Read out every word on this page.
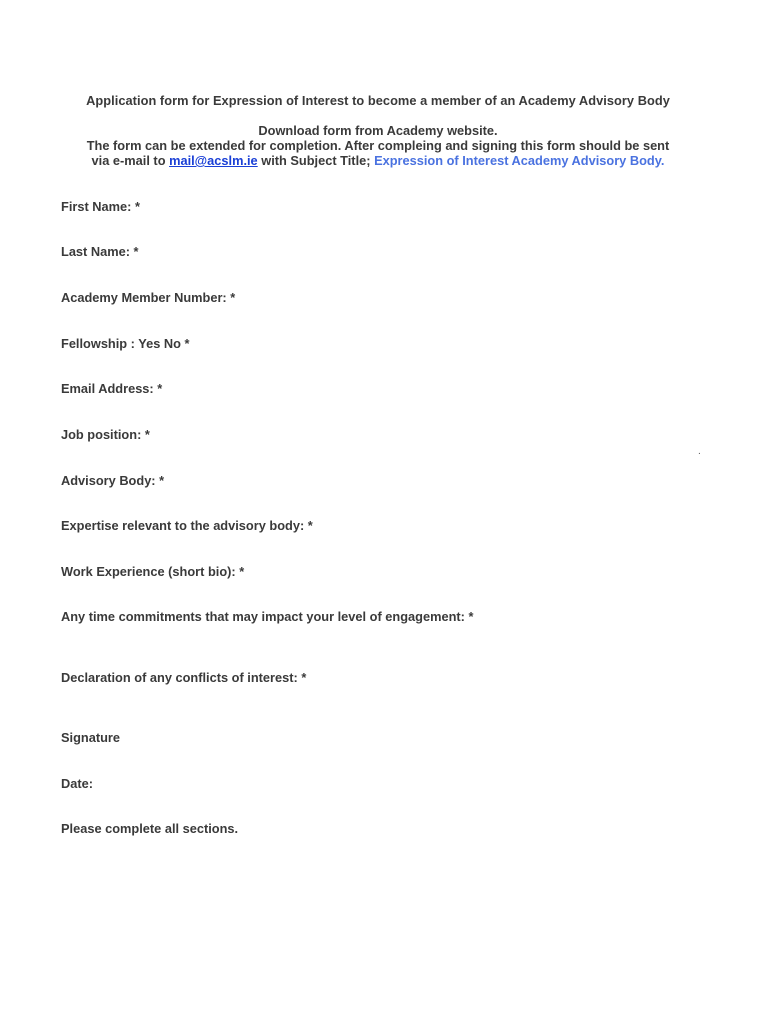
Application form for Expression of Interest to become a member of an Academy Advisory Body
Download form from Academy website.
The form can be extended for completion. After compleing and signing this form should be sent
via e-mail to mail@acslm.ie with Subject Title; Expression of Interest Academy Advisory Body.
First Name: *
Last Name: *
Academy Member Number: *
Fellowship : Yes No *
Email Address: *
Job position: *
.
Advisory Body: *
Expertise relevant to the advisory body: *
Work Experience (short bio): *
Any time commitments that may impact your level of engagement: *
Declaration of any conflicts of interest: *
Signature
Date:
Please complete all sections.
